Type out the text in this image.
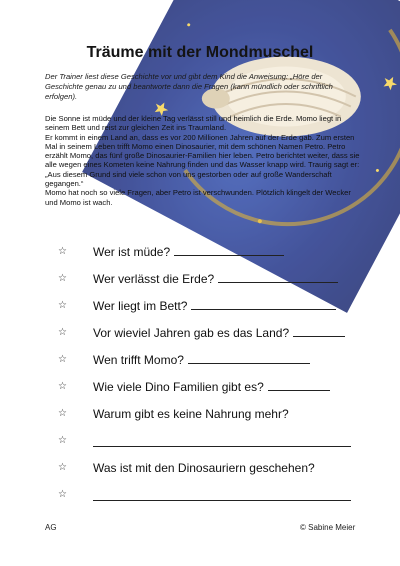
Träume mit der Mondmuschel
Der Trainer liest diese Geschichte vor und gibt dem Kind die Anweisung: „Höre der Geschichte genau zu und beantworte dann die Fragen (kann mündlich oder schriftlich erfolgen).

Die Sonne ist müde und der kleine Tag verlässt still und heimlich die Erde. Momo liegt in seinem Bett und reist zur gleichen Zeit ins Traumland.

Er kommt in einem Land an, dass es vor 200 Millionen Jahren auf der Erde gab. Zum ersten Mal in seinem Leben trifft Momo einen Dinosaurier, mit dem schönen Namen Petro. Petro erzählt Momo, das fünf große Dinosaurier-Familien hier leben. Petro berichtet weiter, dass sie alle wegen eines Kometen keine Nahrung finden und das Wasser knapp wird. Traurig sagt er: „Aus diesem Grund sind viele schon von uns gestorben oder auf große Wanderschaft gegangen.“

Momo hat noch so viele Fragen, aber Petro ist verschwunden. Plötzlich klingelt der Wecker und Momo ist wach.

☆ Wer ist müde?
☆ Wer verlässt die Erde?
☆ Wer liegt im Bett?
☆ Vor wieviel Jahren gab es das Land?
☆ Wen trifft Momo?
☆ Wie viele Dino Familien gibt es?
☆ Warum gibt es keine Nahrung mehr?
☆
☆ Was ist mit den Dinosauriern geschehen?
☆
AG	© Sabine Meier
